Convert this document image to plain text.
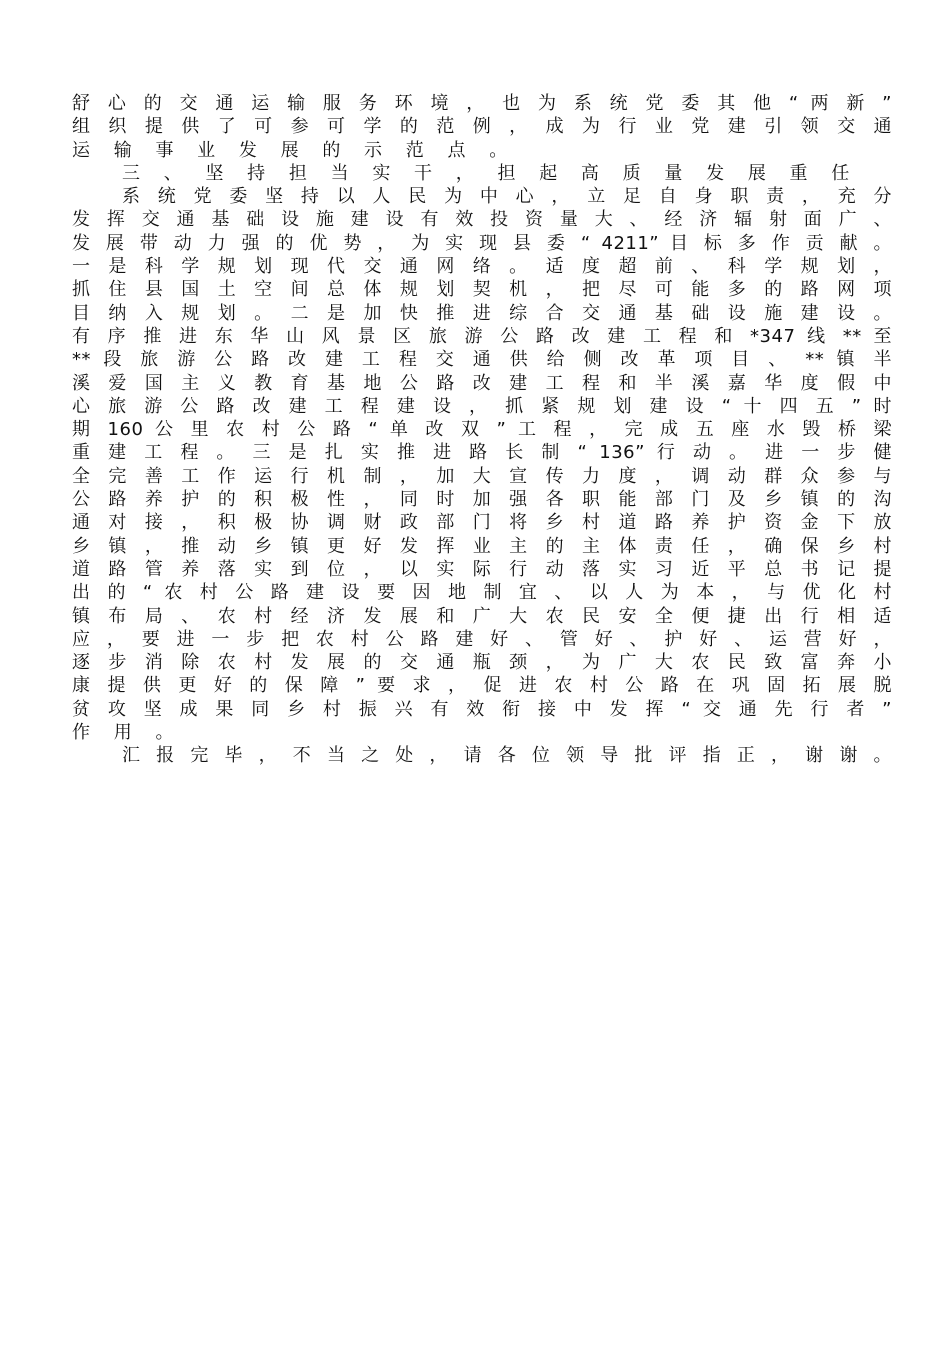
舒 心 的 交 通 运 输 服 务 环 境 ， 也 为 系 统 党 委 其 他 “ 两 新 ”
组 织 提 供 了 可 参 可 学 的 范 例 ， 成 为 行 业 党 建 引 领 交 通
运 输 事 业 发 展 的 示 范 点 。
三 、 坚 持 担 当 实 干 ， 担 起 高 质 量 发 展 重 任
系 统 党 委 坚 持 以 人 民 为 中 心 ， 立 足 自 身 职 责 ， 充 分
发 挥 交 通 基 础 设 施 建 设 有 效 投 资 量 大 、 经 济 辐 射 面 广 、
发 展 带 动 力 强 的 优 势 ， 为 实 现 县 委 “ 4211” 目 标 多 作 贡 献 。
一 是 科 学 规 划 现 代 交 通 网 络 。 适 度 超 前 、 科 学 规 划 ，
抓 住 县 国 土 空 间 总 体 规 划 契 机 ， 把 尽 可 能 多 的 路 网 项
目 纳 入 规 划 。 二 是 加 快 推 进 综 合 交 通 基 础 设 施 建 设 。
有 序 推 进 东 华 山 风 景 区 旅 游 公 路 改 建 工 程 和 *347 线 ** 至
** 段 旅 游 公 路 改 建 工 程 交 通 供 给 侧 改 革 项 目 、 ** 镇 半
溪 爱 国 主 义 教 育 基 地 公 路 改 建 工 程 和 半 溪 嘉 华 度 假 中
心 旅 游 公 路 改 建 工 程 建 设 ， 抓 紧 规 划 建 设 “ 十 四 五 ” 时
期 160 公 里 农 村 公 路 “ 单 改 双 ” 工 程 ， 完 成 五 座 水 毁 桥 梁
重 建 工 程 。 三 是 扎 实 推 进 路 长 制 “ 136” 行 动 。 进 一 步 健
全 完 善 工 作 运 行 机 制 ， 加 大 宣 传 力 度 ， 调 动 群 众 参 与
公 路 养 护 的 积 极 性 ， 同 时 加 强 各 职 能 部 门 及 乡 镇 的 沟
通 对 接 ， 积 极 协 调 财 政 部 门 将 乡 村 道 路 养 护 资 金 下 放
乡 镇 ， 推 动 乡 镇 更 好 发 挥 业 主 的 主 体 责 任 ， 确 保 乡 村
道 路 管 养 落 实 到 位 ， 以 实 际 行 动 落 实 习 近 平 总 书 记 提
出 的 “ 农 村 公 路 建 设 要 因 地 制 宜 、 以 人 为 本 ， 与 优 化 村
镇 布 局 、 农 村 经 济 发 展 和 广 大 农 民 安 全 便 捷 出 行 相 适
应 ， 要 进 一 步 把 农 村 公 路 建 好 、 管 好 、 护 好 、 运 营 好 ，
逐 步 消 除 农 村 发 展 的 交 通 瓶 颈 ， 为 广 大 农 民 致 富 奔 小
康 提 供 更 好 的 保 障 ” 要 求 ， 促 进 农 村 公 路 在 巩 固 拓 展 脱
贫 攻 坚 成 果 同 乡 村 振 兴 有 效 衔 接 中 发 挥 “ 交 通 先 行 者 ”
作 用 。
汇 报 完 毕 ， 不 当 之 处 ， 请 各 位 领 导 批 评 指 正 ， 谢 谢 。
